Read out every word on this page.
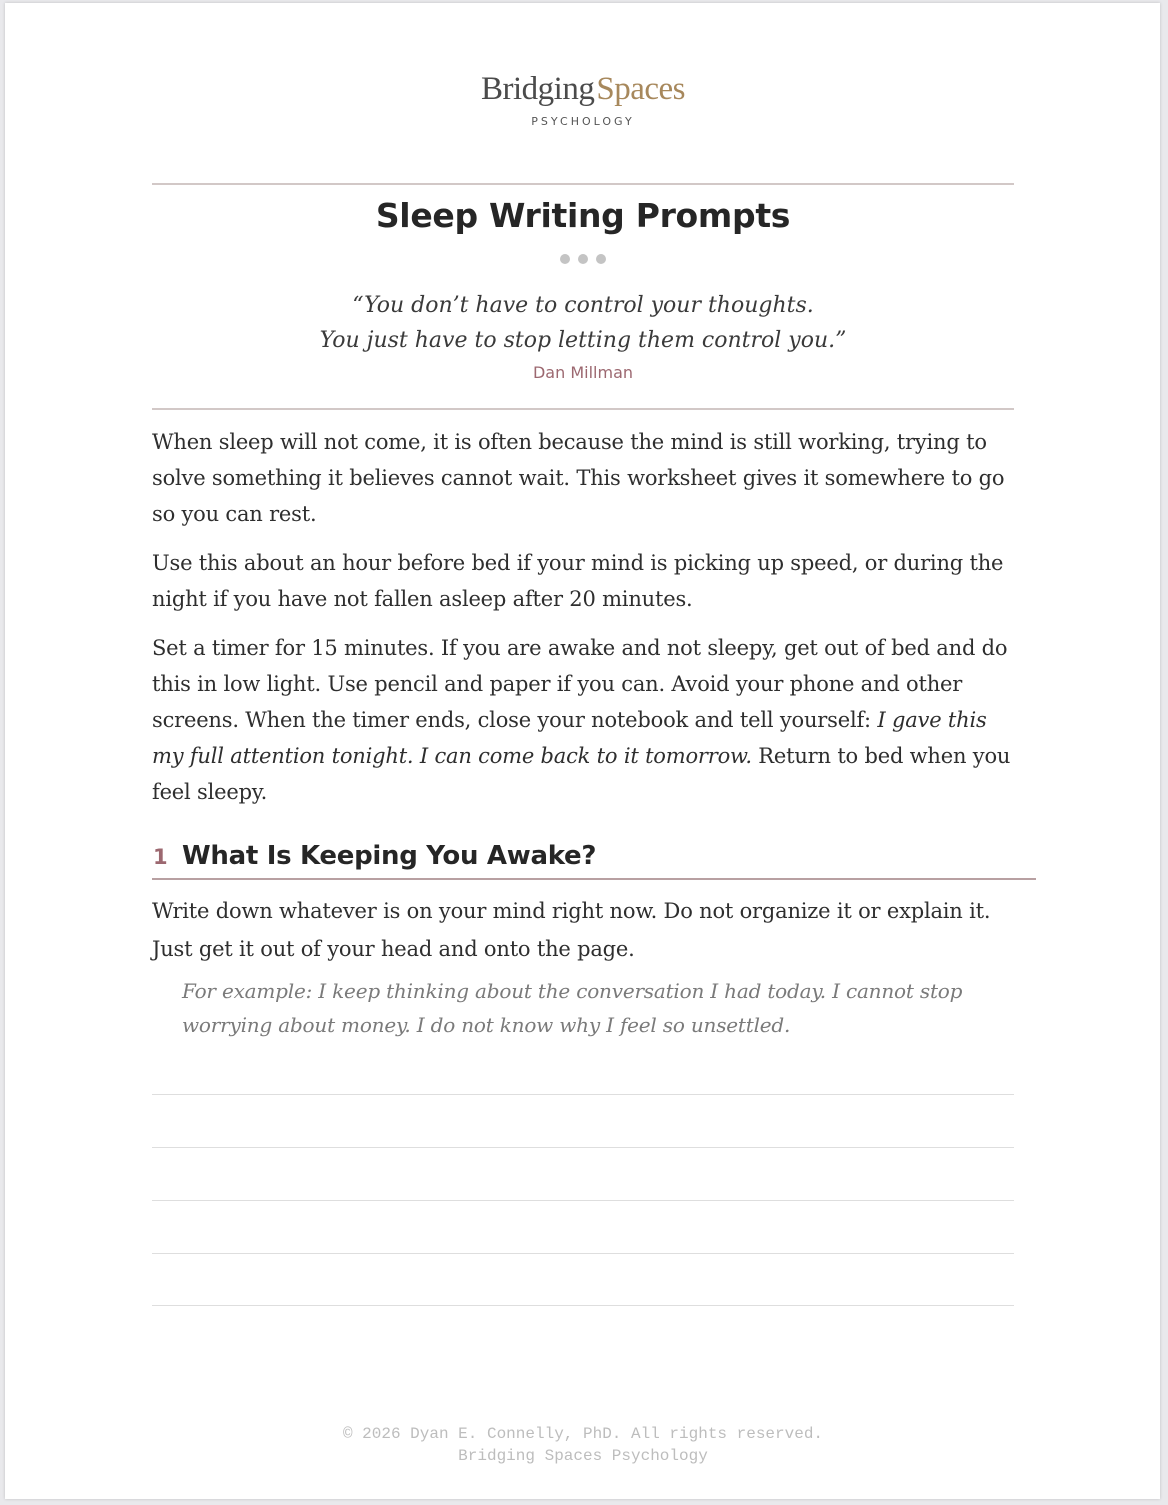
BridgingSpaces
PSYCHOLOGY
Sleep Writing Prompts
“You don’t have to control your thoughts.
You just have to stop letting them control you.”
Dan Millman

When sleep will not come, it is often because the mind is still working, trying to solve something it believes cannot wait. This worksheet gives it somewhere to go so you can rest.

Use this about an hour before bed if your mind is picking up speed, or during the night if you have not fallen asleep after 20 minutes.

Set a timer for 15 minutes. If you are awake and not sleepy, get out of bed and do this in low light. Use pencil and paper if you can. Avoid your phone and other screens. When the timer ends, close your notebook and tell yourself: I gave this my full attention tonight. I can come back to it tomorrow. Return to bed when you feel sleepy.

1 What Is Keeping You Awake?

Write down whatever is on your mind right now. Do not organize it or explain it. Just get it out of your head and onto the page.

For example: I keep thinking about the conversation I had today. I cannot stop worrying about money. I do not know why I feel so unsettled.
© 2026 Dyan E. Connelly, PhD. All rights reserved.
Bridging Spaces Psychology
